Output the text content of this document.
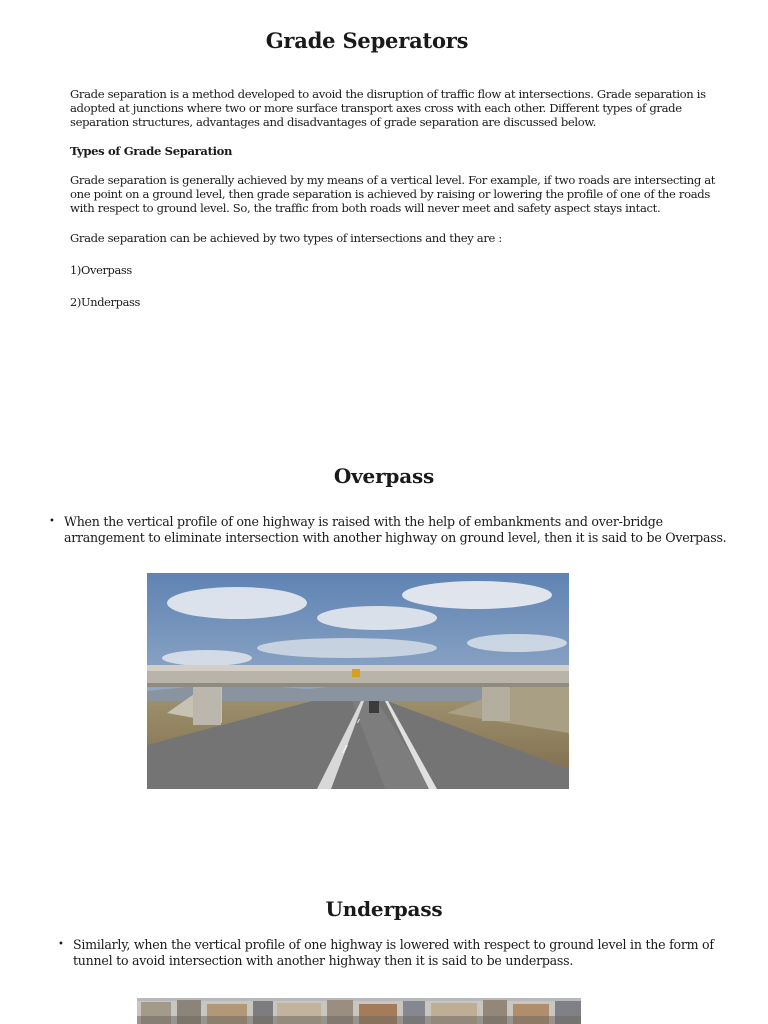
Grade Seperators

Grade separation is a method developed to avoid the disruption of traffic flow at intersections. Grade separation is adopted at junctions where two or more surface transport axes cross with each other. Different types of grade separation structures, advantages and disadvantages of grade separation are discussed below.

Types of Grade Separation

Grade separation is generally achieved by my means of a vertical level. For example, if two roads are intersecting at one point on a ground level, then grade separation is achieved by raising or lowering the profile of one of the roads with respect to ground level. So, the traffic from both roads will never meet and safety aspect stays intact.

Grade separation can be achieved by two types of intersections and they are :

1)Overpass

2)Underpass

Overpass
• When the vertical profile of one highway is raised with the help of embankments and over-bridge arrangement to eliminate intersection with another highway on ground level, then it is said to be Overpass.
Underpass
• Similarly, when the vertical profile of one highway is lowered with respect to ground level in the form of tunnel to avoid intersection with another highway then it is said to be underpass.
